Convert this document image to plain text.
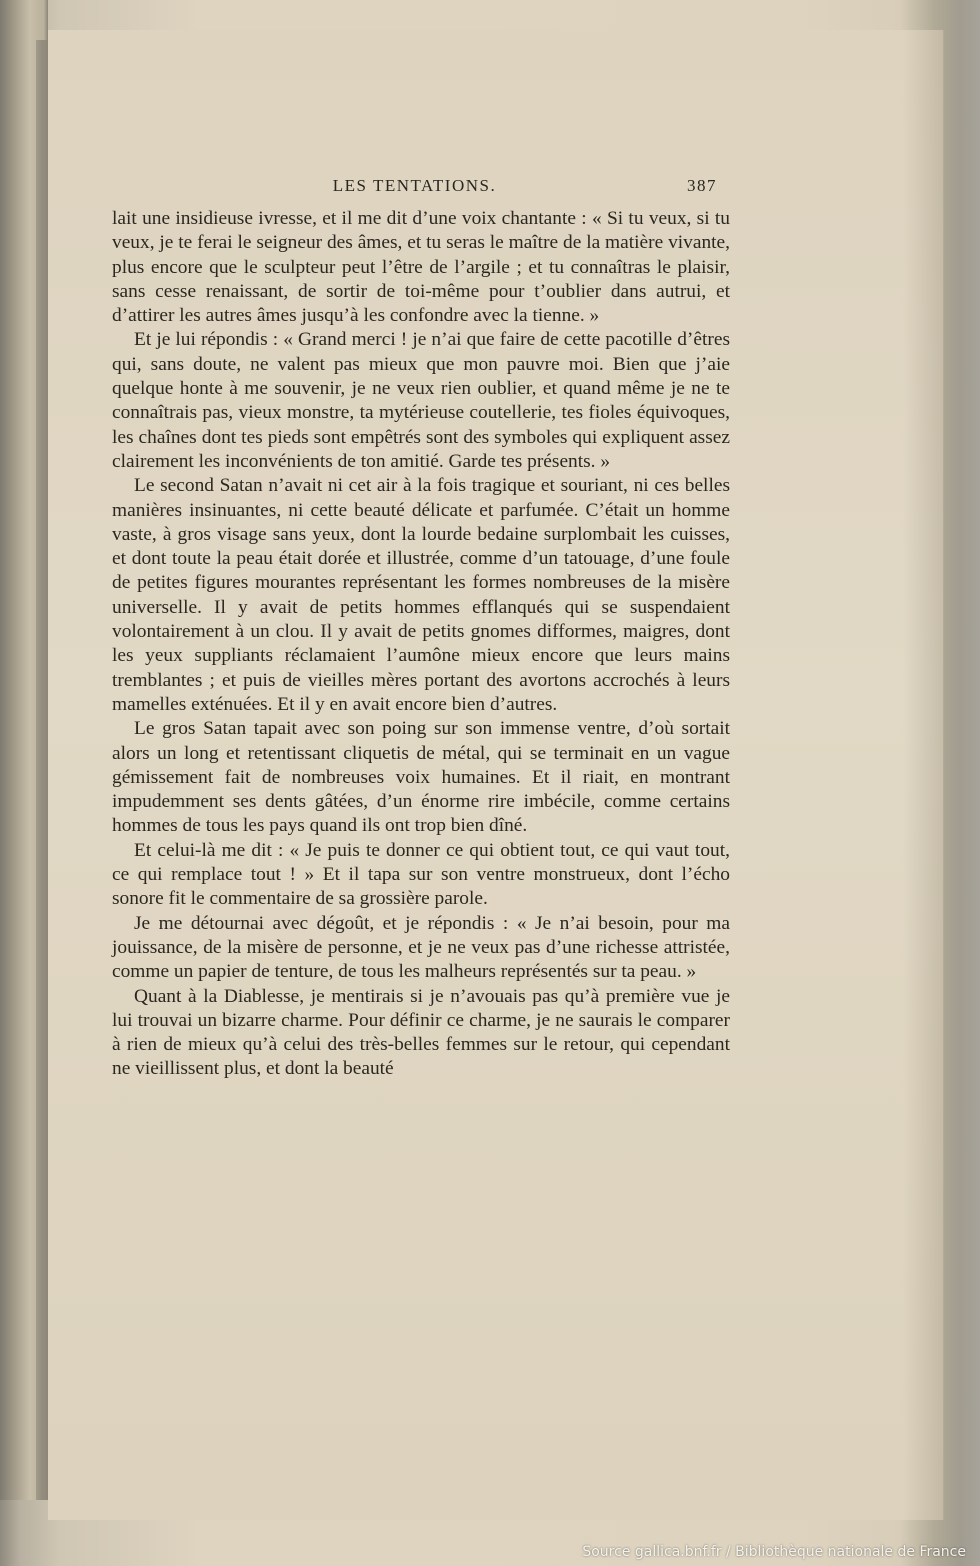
LES TENTATIONS.	387

lait une insidieuse ivresse, et il me dit d’une voix chantante : « Si tu veux, si tu veux, je te ferai le seigneur des âmes, et tu seras le maître de la matière vivante, plus encore que le sculpteur peut l’être de l’argile ; et tu connaîtras le plaisir, sans cesse renaissant, de sortir de toi-même pour t’oublier dans autrui, et d’attirer les autres âmes jusqu’à les confondre avec la tienne. »

Et je lui répondis : « Grand merci ! je n’ai que faire de cette pacotille d’êtres qui, sans doute, ne valent pas mieux que mon pauvre moi. Bien que j’aie quelque honte à me souvenir, je ne veux rien oublier, et quand même je ne te connaîtrais pas, vieux monstre, ta mytérieuse coutellerie, tes fioles équivoques, les chaînes dont tes pieds sont empêtrés sont des symboles qui expliquent assez clairement les inconvénients de ton amitié. Garde tes présents. »

Le second Satan n’avait ni cet air à la fois tragique et souriant, ni ces belles manières insinuantes, ni cette beauté délicate et parfumée. C’était un homme vaste, à gros visage sans yeux, dont la lourde bedaine surplombait les cuisses, et dont toute la peau était dorée et illustrée, comme d’un tatouage, d’une foule de petites figures mourantes représentant les formes nombreuses de la misère universelle. Il y avait de petits hommes efflanqués qui se suspendaient volontairement à un clou. Il y avait de petits gnomes difformes, maigres, dont les yeux suppliants réclamaient l’aumône mieux encore que leurs mains tremblantes ; et puis de vieilles mères portant des avortons accrochés à leurs mamelles exténuées. Et il y en avait encore bien d’autres.

Le gros Satan tapait avec son poing sur son immense ventre, d’où sortait alors un long et retentissant cliquetis de métal, qui se terminait en un vague gémissement fait de nombreuses voix humaines. Et il riait, en montrant impudemment ses dents gâtées, d’un énorme rire imbécile, comme certains hommes de tous les pays quand ils ont trop bien dîné.

Et celui-là me dit : « Je puis te donner ce qui obtient tout, ce qui vaut tout, ce qui remplace tout ! » Et il tapa sur son ventre monstrueux, dont l’écho sonore fit le commentaire de sa grossière parole.

Je me détournai avec dégoût, et je répondis : « Je n’ai besoin, pour ma jouissance, de la misère de personne, et je ne veux pas d’une richesse attristée, comme un papier de tenture, de tous les malheurs représentés sur ta peau. »

Quant à la Diablesse, je mentirais si je n’avouais pas qu’à première vue je lui trouvai un bizarre charme. Pour définir ce charme, je ne saurais le comparer à rien de mieux qu’à celui des très-belles femmes sur le retour, qui cependant ne vieillissent plus, et dont la beauté

Source gallica.bnf.fr / Bibliothèque nationale de France
